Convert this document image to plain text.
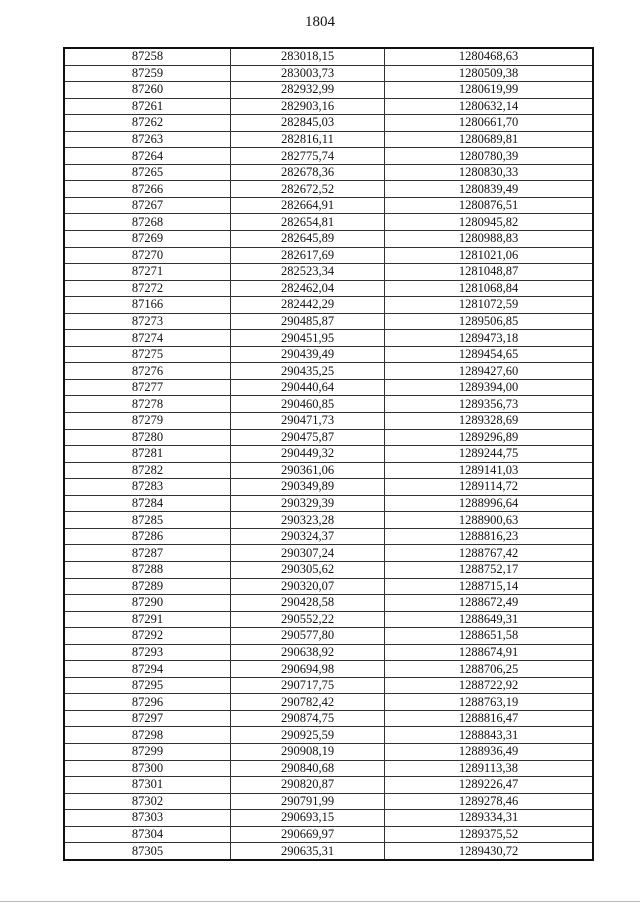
1804
87258	283018,15	1280468,63
87259	283003,73	1280509,38
87260	282932,99	1280619,99
87261	282903,16	1280632,14
87262	282845,03	1280661,70
87263	282816,11	1280689,81
87264	282775,74	1280780,39
87265	282678,36	1280830,33
87266	282672,52	1280839,49
87267	282664,91	1280876,51
87268	282654,81	1280945,82
87269	282645,89	1280988,83
87270	282617,69	1281021,06
87271	282523,34	1281048,87
87272	282462,04	1281068,84
87166	282442,29	1281072,59
87273	290485,87	1289506,85
87274	290451,95	1289473,18
87275	290439,49	1289454,65
87276	290435,25	1289427,60
87277	290440,64	1289394,00
87278	290460,85	1289356,73
87279	290471,73	1289328,69
87280	290475,87	1289296,89
87281	290449,32	1289244,75
87282	290361,06	1289141,03
87283	290349,89	1289114,72
87284	290329,39	1288996,64
87285	290323,28	1288900,63
87286	290324,37	1288816,23
87287	290307,24	1288767,42
87288	290305,62	1288752,17
87289	290320,07	1288715,14
87290	290428,58	1288672,49
87291	290552,22	1288649,31
87292	290577,80	1288651,58
87293	290638,92	1288674,91
87294	290694,98	1288706,25
87295	290717,75	1288722,92
87296	290782,42	1288763,19
87297	290874,75	1288816,47
87298	290925,59	1288843,31
87299	290908,19	1288936,49
87300	290840,68	1289113,38
87301	290820,87	1289226,47
87302	290791,99	1289278,46
87303	290693,15	1289334,31
87304	290669,97	1289375,52
87305	290635,31	1289430,72
